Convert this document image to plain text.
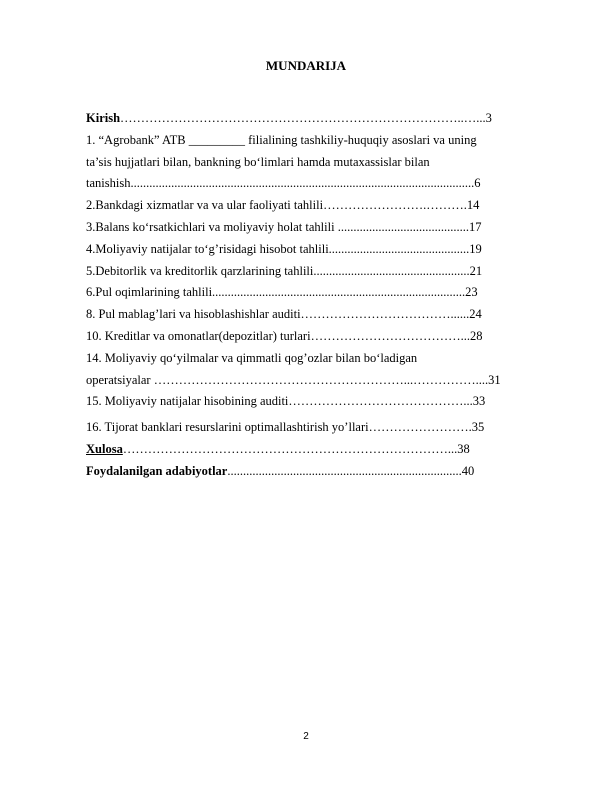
MUNDARIJA
Kirish………………………………………………………………………..…...3
1. “Agrobank” ATB _________ filialining tashkiliy-huquqiy asoslari va uning
ta’sis hujjatlari bilan, bankning bo‘limlari hamda mutaxassislar bilan
tanishish..............................................................................................................6
2.Bankdagi xizmatlar va va ular faoliyati tahlili…………………….……….14
3.Balans ko‘rsatkichlari va moliyaviy holat tahlili ..........................................17
4.Moliyaviy natijalar to‘g’risidagi hisobot tahlili.............................................19
5.Debitorlik va kreditorlik qarzlarining tahlili..................................................21
6.Pul oqimlarining tahlili.................................................................................23
8. Pul mablag’lari va hisoblashishlar auditi………………………………......24
10. Kreditlar va omonatlar(depozitlar) turlari………………………………...28
14. Moliyaviy qo‘yilmalar va qimmatli qog’ozlar bilan bo‘ladigan
operatsiyalar ……………………………………………………...……………....31
15. Moliyaviy natijalar hisobining auditi……………………………………...33
16. Tijorat banklari resurslarini optimallashtirish yo’llari…………………….35
Xulosa……………………………………………………………………...38
Foydalanilgan adabiyotlar...........................................................................40
2
